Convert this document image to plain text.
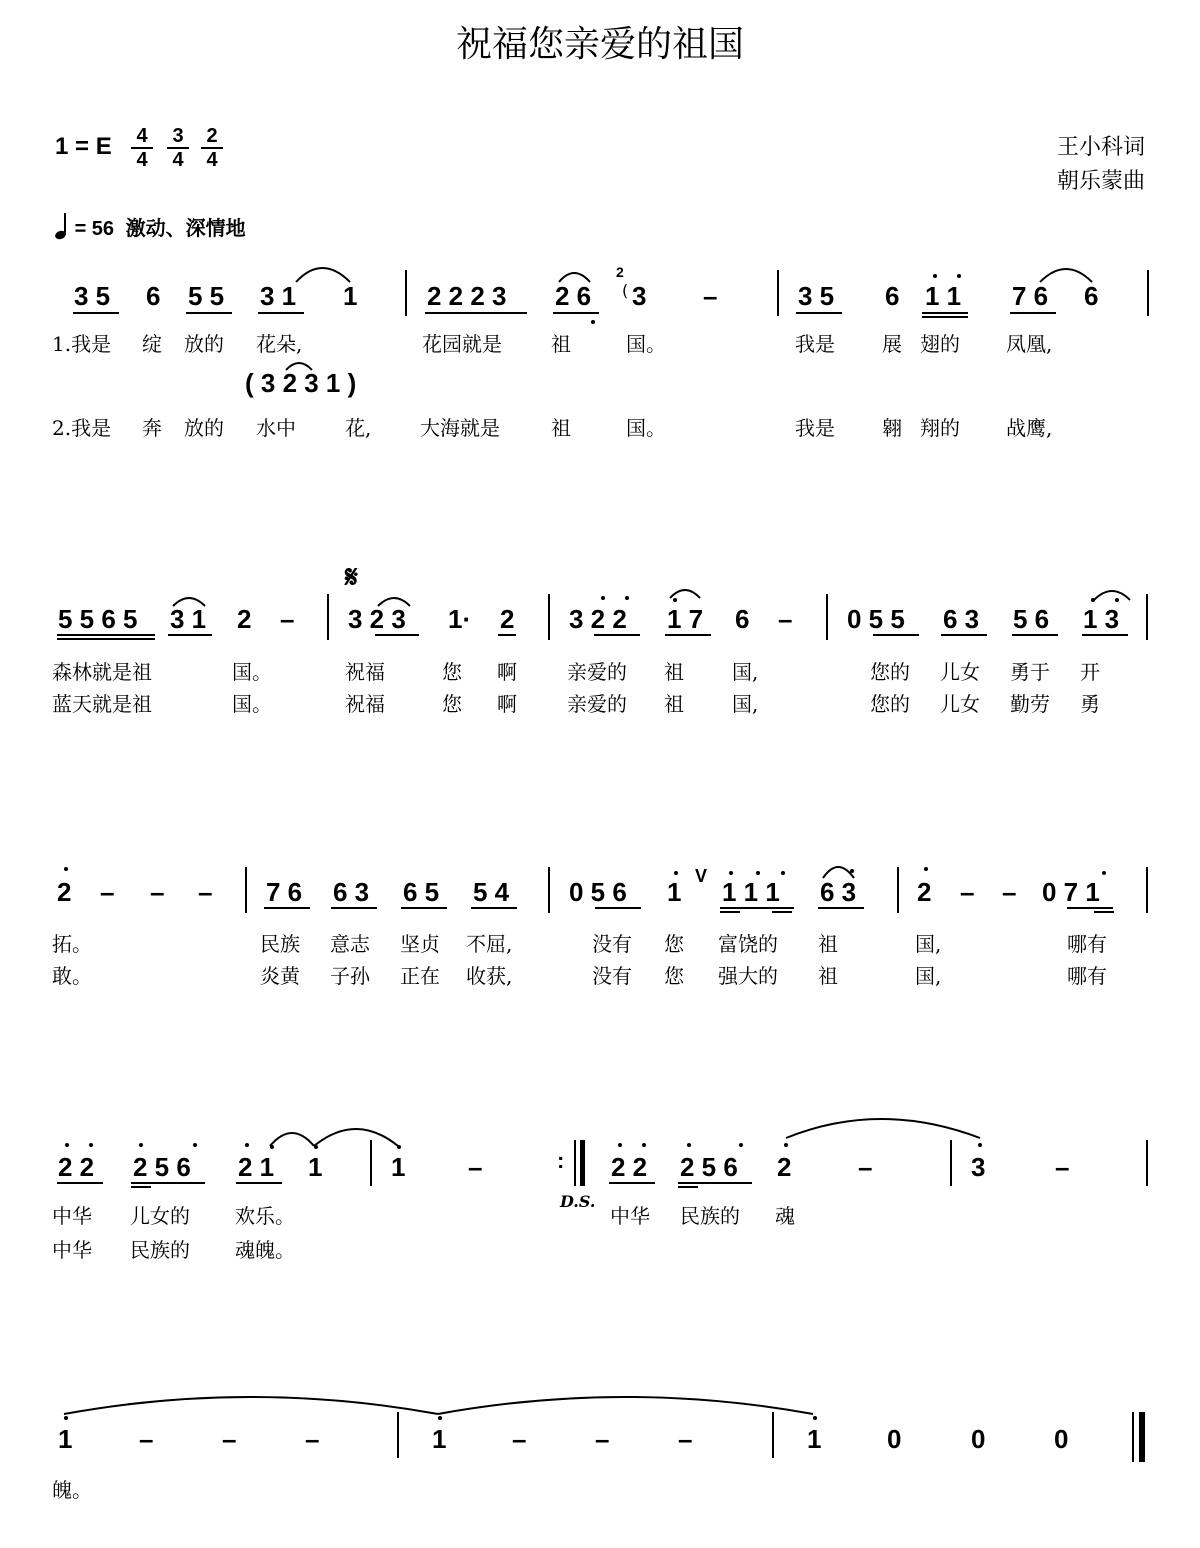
祝福您亲爱的祖国
1 = E 4
4
3
4
2
4	王小科词
朝乐蒙曲
= 56 激动、深情地
3 5 6 5 5 3 1 1	2 2 2 3 2 6
2
3 –	3 5 6 1 1 7 6 6
( 3 2 3 1 )
1.我是 绽 放的 花朵,	花园就是 祖	国。	我是 展 翅的 凤凰,
2.我是 奔 放的 水中 花, 大海就是	祖	国。	我是 翱 翔的 战鹰,
𝄋
5 5 6 5 3 1 2 – 3 2 3 1· 2 3 2 2 1 7 6 – 0 5 5 6 3 5 6 1 3
森林就是祖	国。	祝福	您 啊	亲爱的 祖 国,	您的 儿女 勇于 开
蓝天就是祖	国。	祝福	您 啊	亲爱的 祖 国,	您的 儿女 勤劳 勇
2 – – – 7 6 6 3 6 5 5 4 0 5 6 1
V
1 1 1 6 3 2 – – 0 7 1
拓。	民族 意志 坚贞 不屈,	没有 您 富饶的 祖	国,	哪有
敢。	炎黄 子孙 正在 收获,	没有 您 强大的 祖	国,	哪有
2 2 2 5 6 2 1 1	1 –	:
D.S.
2 2 2 5 6 2	–	3	–
中华 儿女的 欢乐。	中华 民族的 魂
中华 民族的 魂魄。
1	–	–	–	1	–	–	–	1	0	0	0
魄。
(
